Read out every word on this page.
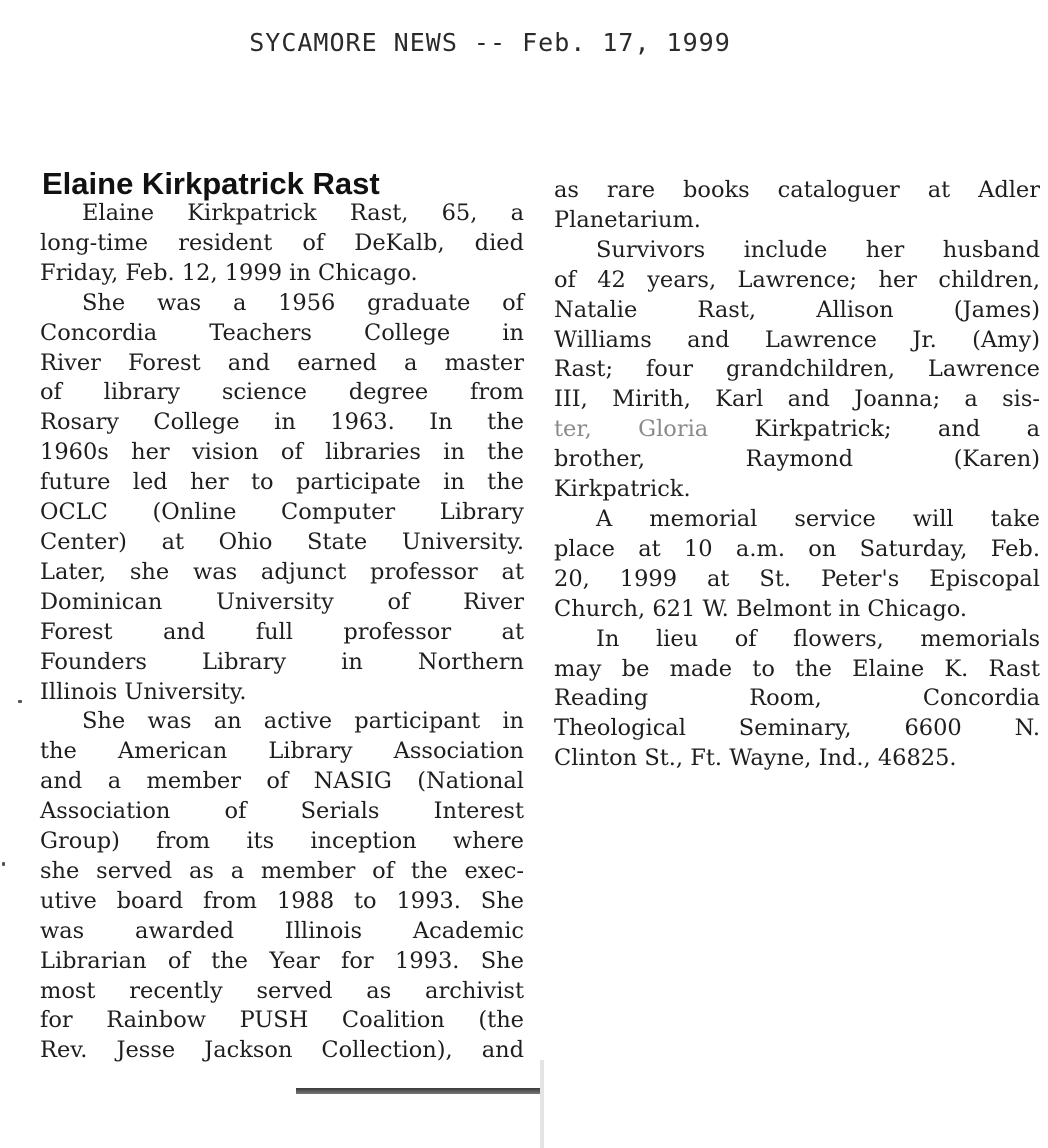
SYCAMORE NEWS -- Feb. 17, 1999
Elaine Kirkpatrick Rast

Elaine Kirkpatrick Rast, 65, a
long-time resident of DeKalb, died
Friday, Feb. 12, 1999 in Chicago.

She was a 1956 graduate of
Concordia Teachers College in
River Forest and earned a master
of library science degree from
Rosary College in 1963. In the
1960s her vision of libraries in the
future led her to participate in the
OCLC (Online Computer Library
Center) at Ohio State University.
Later, she was adjunct professor at
Dominican University of River
Forest and full professor at
Founders Library in Northern
Illinois University.

She was an active participant in
the American Library Association
and a member of NASIG (National
Association of Serials Interest
Group) from its inception where
she served as a member of the exec-
utive board from 1988 to 1993. She
was awarded Illinois Academic
Librarian of the Year for 1993. She
most recently served as archivist
for Rainbow PUSH Coalition (the
Rev. Jesse Jackson Collection), and

as rare books cataloguer at Adler
Planetarium.

Survivors include her husband
of 42 years, Lawrence; her children,
Natalie Rast, Allison (James)
Williams and Lawrence Jr. (Amy)
Rast; four grandchildren, Lawrence
III, Mirith, Karl and Joanna; a sis-
ter, Gloria Kirkpatrick; and a
brother, Raymond (Karen)
Kirkpatrick.

A memorial service will take
place at 10 a.m. on Saturday, Feb.
20, 1999 at St. Peter's Episcopal
Church, 621 W. Belmont in Chicago.

In lieu of flowers, memorials
may be made to the Elaine K. Rast
Reading Room, Concordia
Theological Seminary, 6600 N.
Clinton St., Ft. Wayne, Ind., 46825.
